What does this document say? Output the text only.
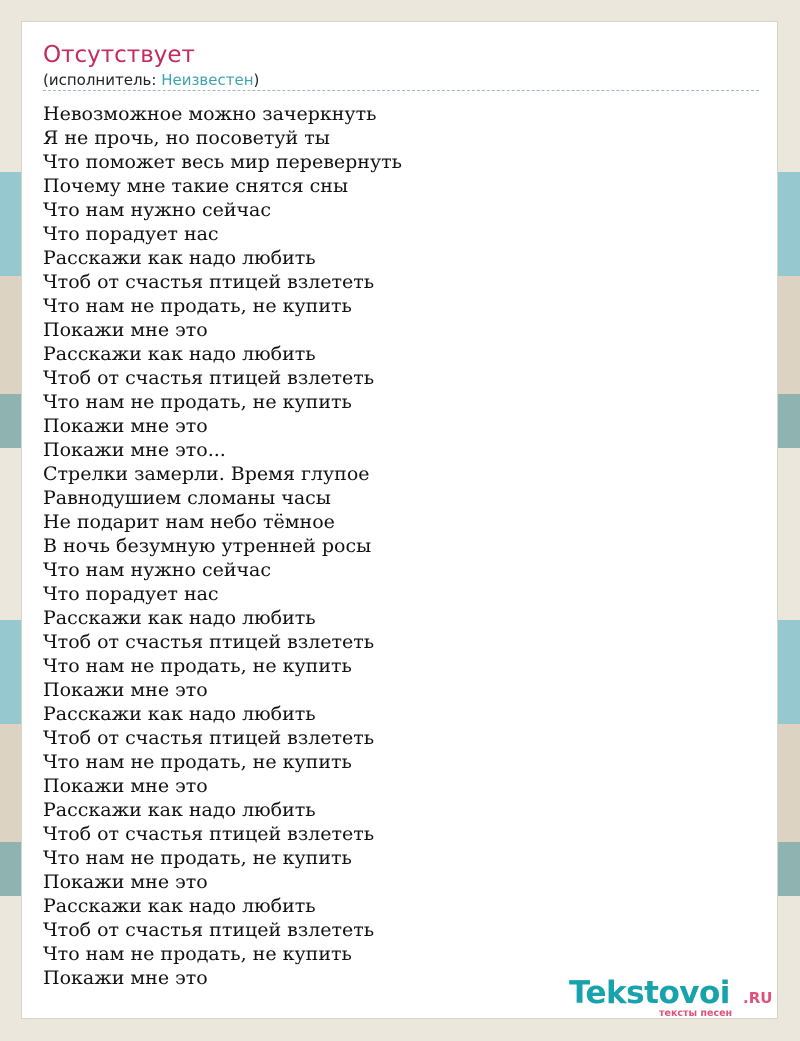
Отсутствует
(исполнитель: Неизвестен)
Невозможное можно зачеркнуть
Я не прочь, но посоветуй ты
Что поможет весь мир перевернуть
Почему мне такие снятся сны
Что нам нужно сейчас
Что порадует нас
Расскажи как надо любить
Чтоб от счастья птицей взлететь
Что нам не продать, не купить
Покажи мне это
Расскажи как надо любить
Чтоб от счастья птицей взлететь
Что нам не продать, не купить
Покажи мне это
Покажи мне это...
Стрелки замерли. Время глупое
Равнодушием сломаны часы
Не подарит нам небо тёмное
В ночь безумную утренней росы
Что нам нужно сейчас
Что порадует нас
Расскажи как надо любить
Чтоб от счастья птицей взлететь
Что нам не продать, не купить
Покажи мне это
Расскажи как надо любить
Чтоб от счастья птицей взлететь
Что нам не продать, не купить
Покажи мне это
Расскажи как надо любить
Чтоб от счастья птицей взлететь
Что нам не продать, не купить
Покажи мне это
Расскажи как надо любить
Чтоб от счастья птицей взлететь
Что нам не продать, не купить
Покажи мне это	Tekstovoi .RU
тексты песен
